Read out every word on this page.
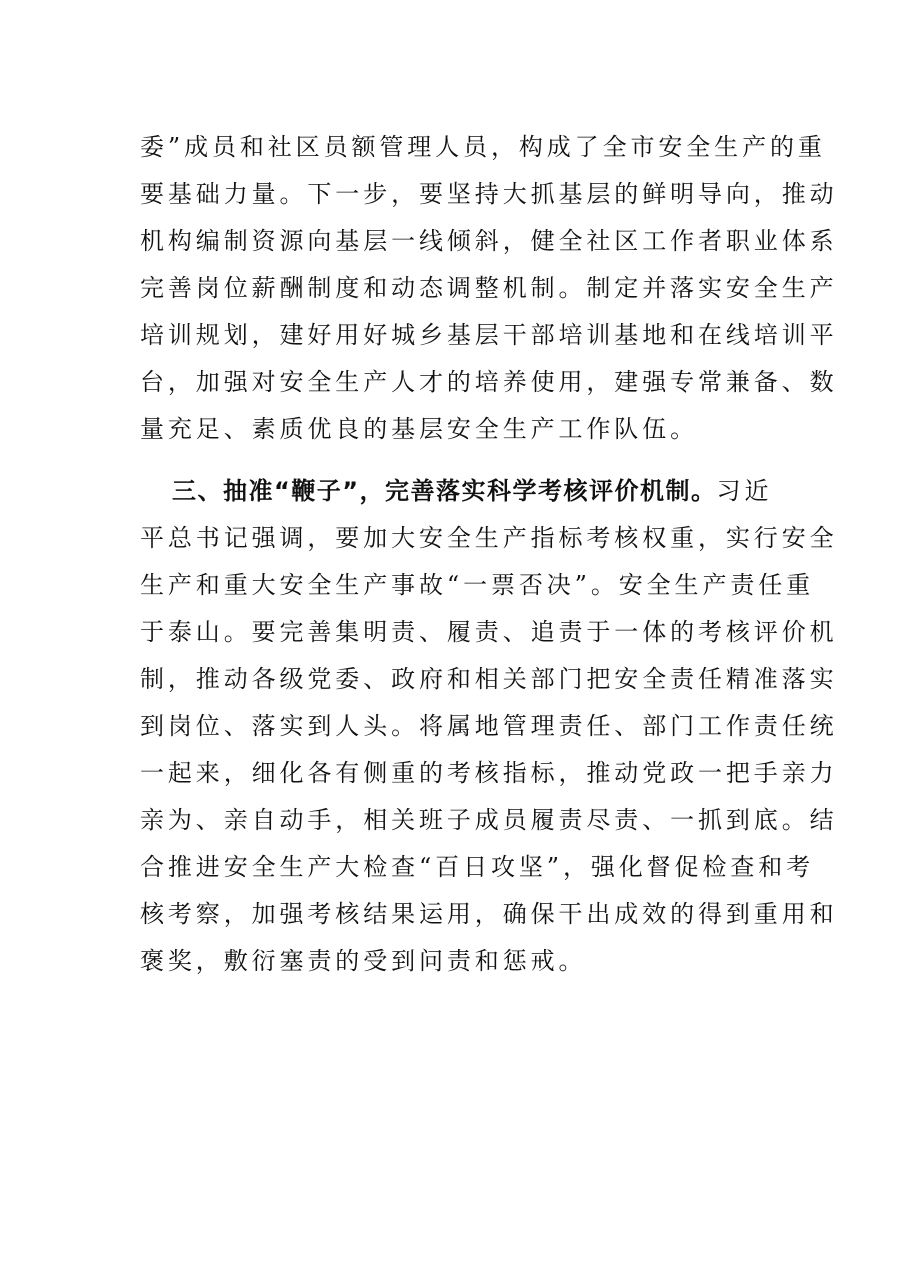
委”成员和社区员额管理人员，构成了全市安全生产的重
要基础力量。下一步，要坚持大抓基层的鲜明导向，推动
机构编制资源向基层一线倾斜，健全社区工作者职业体系
完善岗位薪酬制度和动态调整机制。制定并落实安全生产
培训规划，建好用好城乡基层干部培训基地和在线培训平
台，加强对安全生产人才的培养使用，建强专常兼备、数
量充足、素质优良的基层安全生产工作队伍。
三、抽准“鞭子”，完善落实科学考核评价机制。习近
平总书记强调，要加大安全生产指标考核权重，实行安全
生产和重大安全生产事故“一票否决”。安全生产责任重
于泰山。要完善集明责、履责、追责于一体的考核评价机
制，推动各级党委、政府和相关部门把安全责任精准落实
到岗位、落实到人头。将属地管理责任、部门工作责任统
一起来，细化各有侧重的考核指标，推动党政一把手亲力
亲为、亲自动手，相关班子成员履责尽责、一抓到底。结
合推进安全生产大检查“百日攻坚”，强化督促检查和考
核考察，加强考核结果运用，确保干出成效的得到重用和
褒奖，敷衍塞责的受到问责和惩戒。
